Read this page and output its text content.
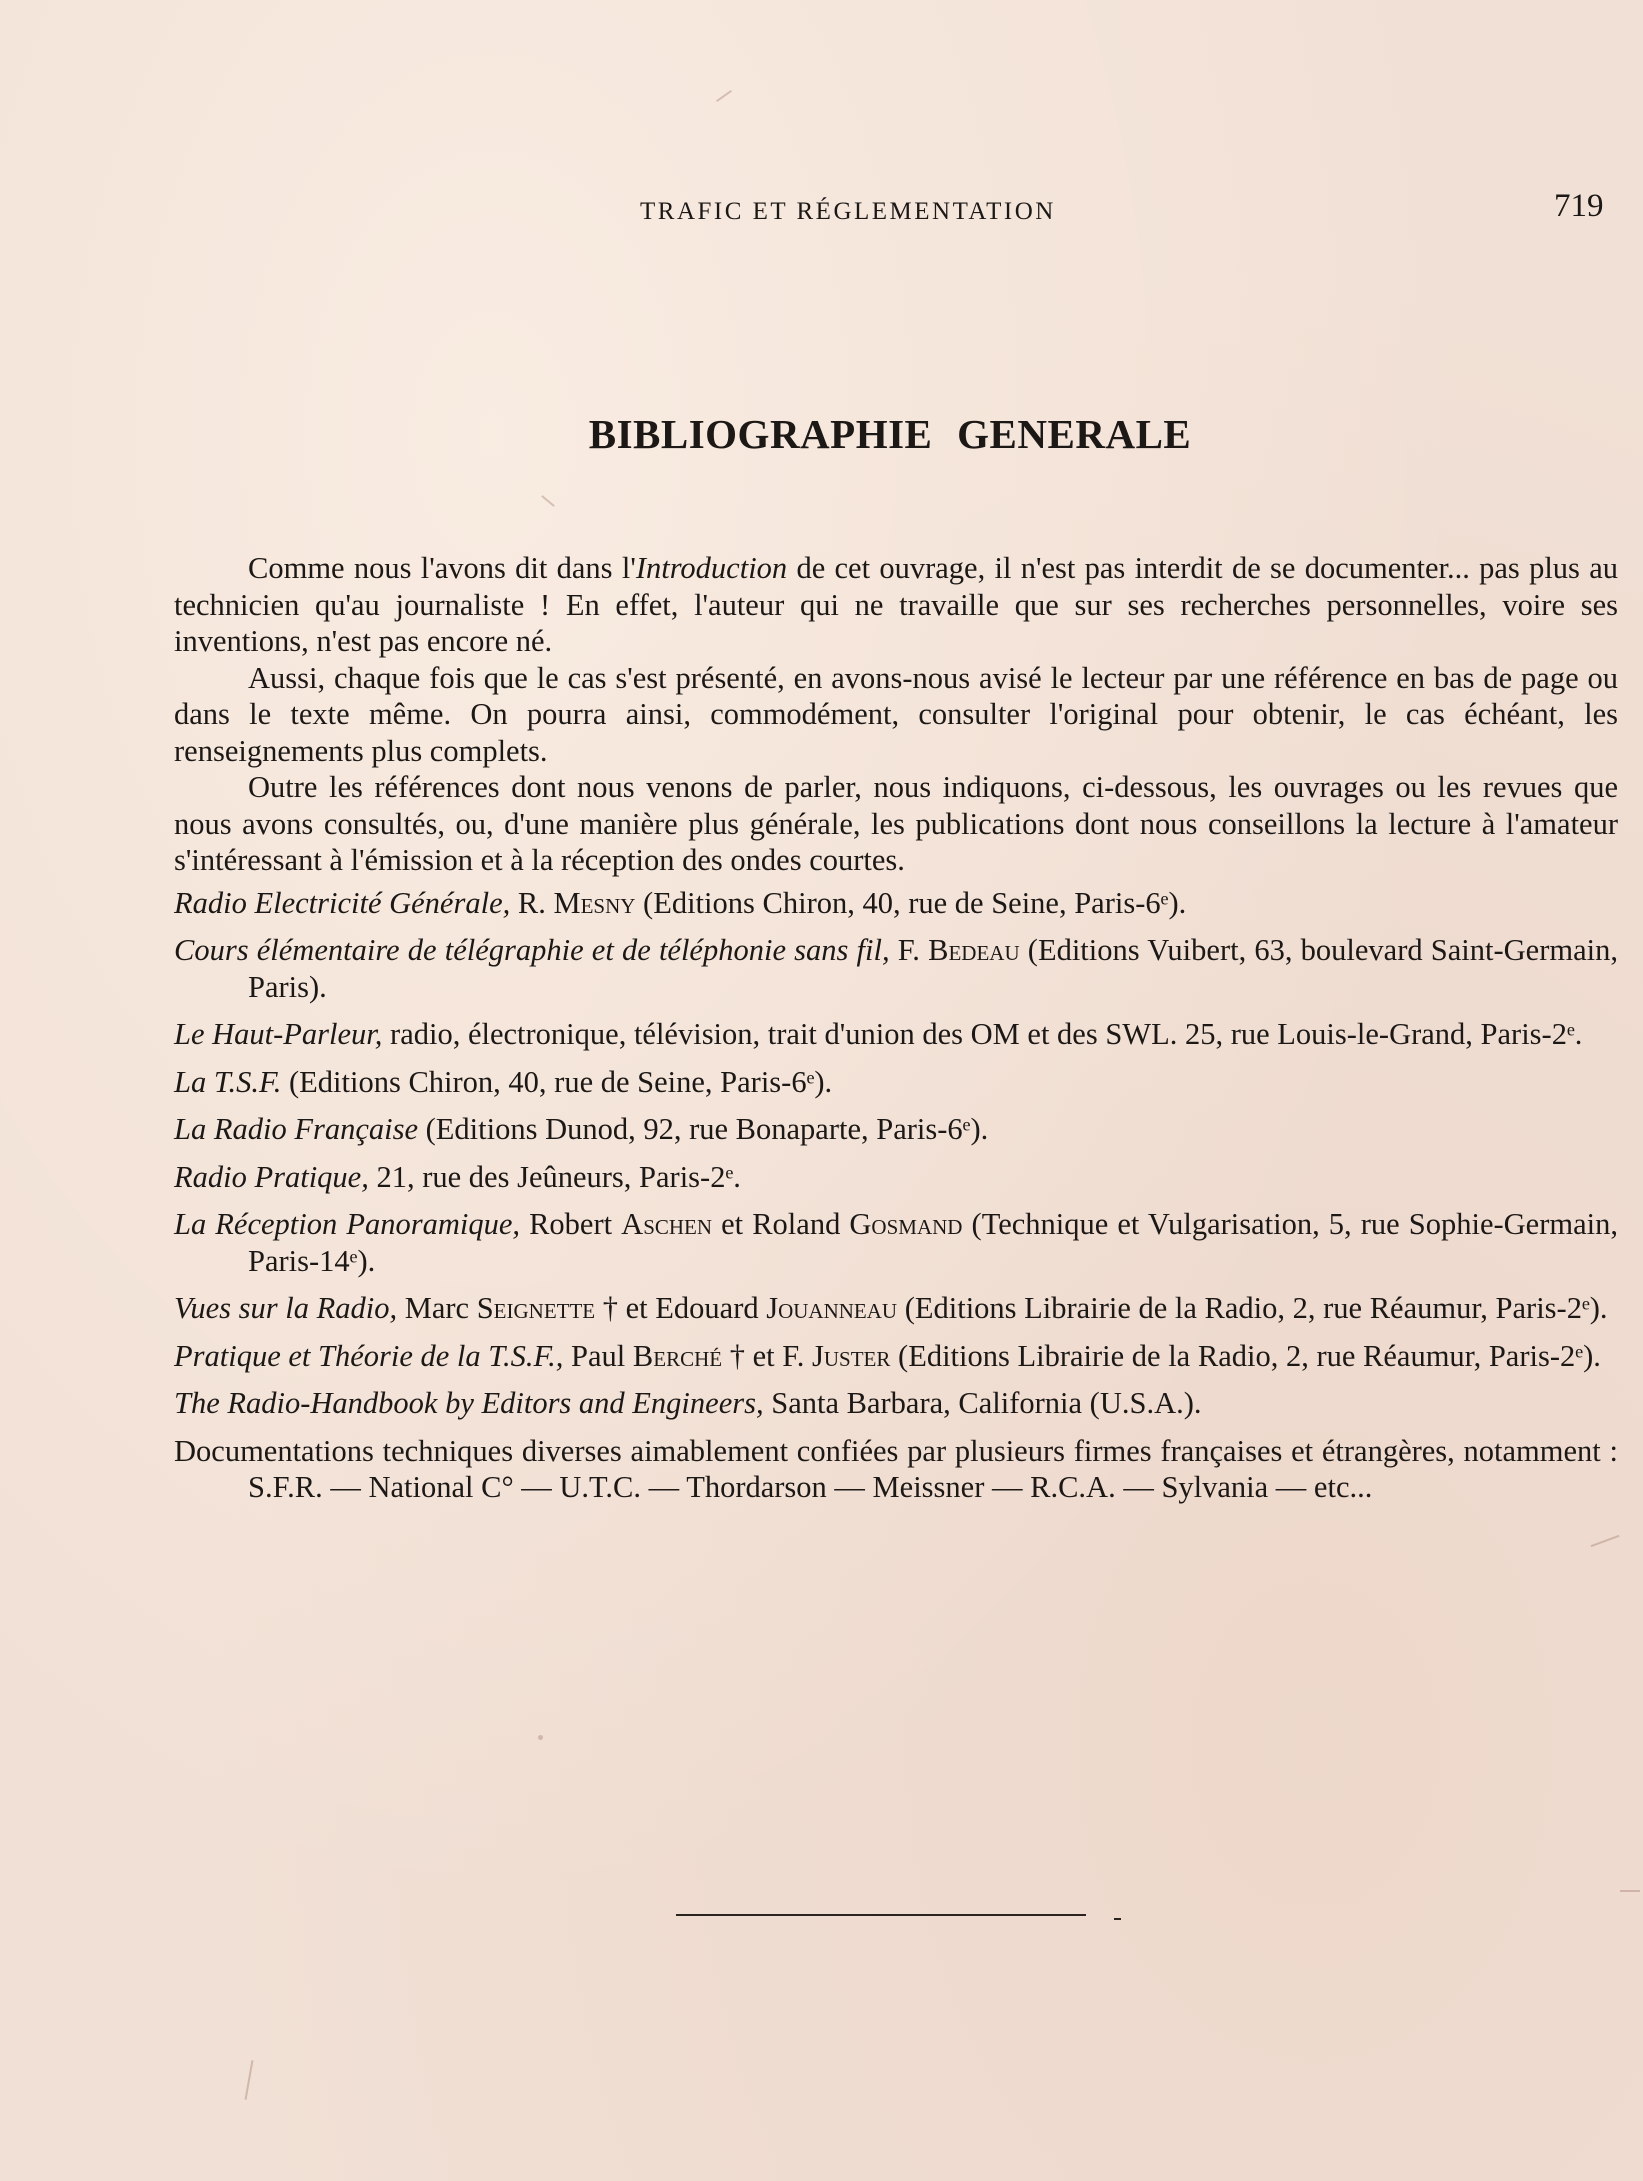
TRAFIC ET RÉGLEMENTATION	719
BIBLIOGRAPHIE GENERALE

Comme nous l'avons dit dans l'Introduction de cet ouvrage, il n'est pas interdit de se documenter... pas plus au technicien qu'au journaliste ! En effet, l'auteur qui ne travaille que sur ses recherches personnelles, voire ses inventions, n'est pas encore né.

Aussi, chaque fois que le cas s'est présenté, en avons-nous avisé le lecteur par une référence en bas de page ou dans le texte même. On pourra ainsi, commodément, consulter l'original pour obtenir, le cas échéant, les renseignements plus complets.

Outre les références dont nous venons de parler, nous indiquons, ci-dessous, les ouvrages ou les revues que nous avons consultés, ou, d'une manière plus générale, les publications dont nous conseillons la lecture à l'amateur s'intéressant à l'émission et à la réception des ondes courtes.

Radio Electricité Générale, R. Mesny (Editions Chiron, 40, rue de Seine, Paris-6ᵉ).

Cours élémentaire de télégraphie et de téléphonie sans fil, F. Bedeau (Editions Vuibert, 63, boulevard Saint-Germain, Paris).

Le Haut-Parleur, radio, électronique, télévision, trait d'union des OM et des SWL. 25, rue Louis-le-Grand, Paris-2ᵉ.

La T.S.F. (Editions Chiron, 40, rue de Seine, Paris-6ᵉ).

La Radio Française (Editions Dunod, 92, rue Bonaparte, Paris-6ᵉ).

Radio Pratique, 21, rue des Jeûneurs, Paris-2ᵉ.

La Réception Panoramique, Robert Aschen et Roland Gosmand (Technique et Vulgarisation, 5, rue Sophie-Germain, Paris-14ᵉ).

Vues sur la Radio, Marc Seignette † et Edouard Jouanneau (Editions Librairie de la Radio, 2, rue Réaumur, Paris-2ᵉ).

Pratique et Théorie de la T.S.F., Paul Berché † et F. Juster (Editions Librairie de la Radio, 2, rue Réaumur, Paris-2ᵉ).

The Radio-Handbook by Editors and Engineers, Santa Barbara, California (U.S.A.).

Documentations techniques diverses aimablement confiées par plusieurs firmes françaises et étrangères, notamment : S.F.R. — National C° — U.T.C. — Thordarson — Meissner — R.C.A. — Sylvania — etc...
